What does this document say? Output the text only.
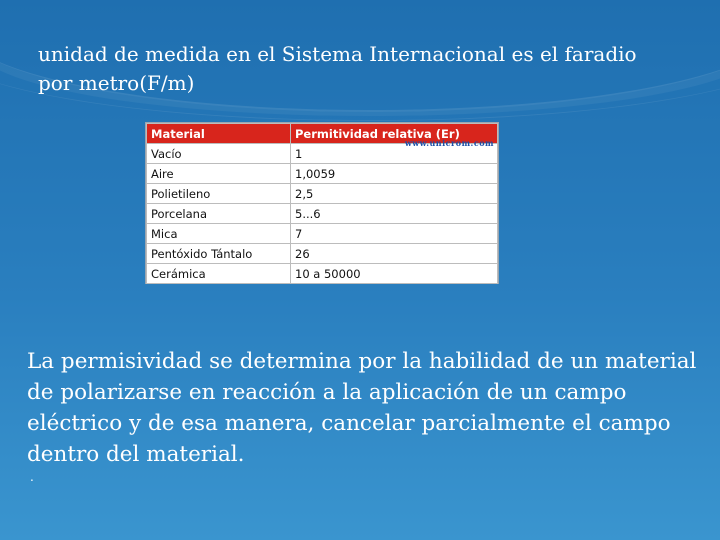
unidad de medida en el Sistema Internacional es el faradio por metro(F/m)
Material	Permitividad relativa (Er)
Vacío	1
www.unicrom.com

Aire	1,0059
Polietileno	2,5
Porcelana	5...6
Mica	7
Pentóxido Tántalo	26
Cerámica	10 a 50000
La permisividad se determina por la habilidad de un material de polarizarse en reacción a la aplicación de un campo eléctrico y de esa manera, cancelar parcialmente el campo dentro del material.
.
